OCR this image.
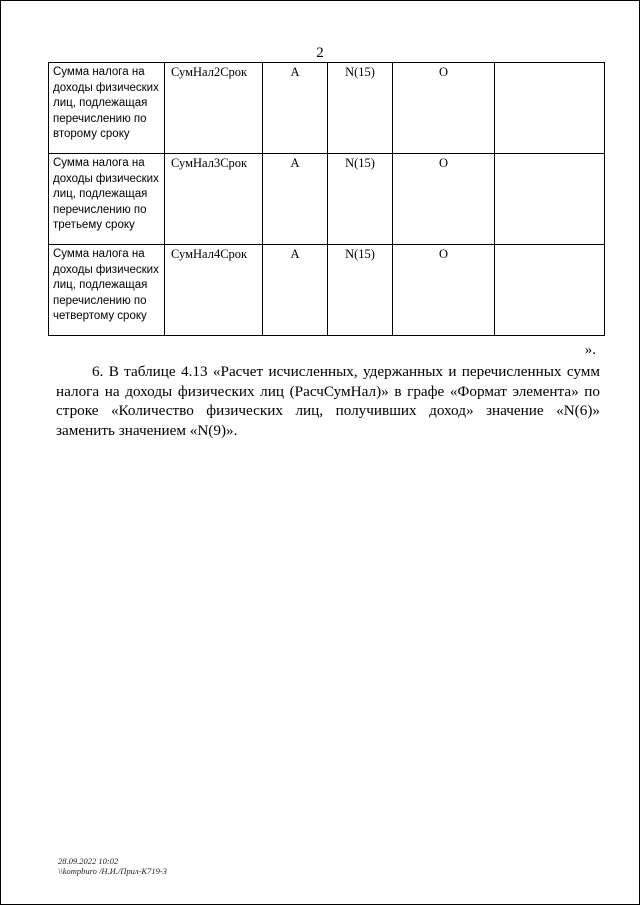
2
Сумма налога на доходы физических лиц, подлежащая перечислению по второму сроку	СумНал2Срок	А	N(15)	О	
Сумма налога на доходы физических лиц, подлежащая перечислению по третьему сроку	СумНал3Срок	А	N(15)	О	
Сумма налога на доходы физических лиц, подлежащая перечислению по четвертому сроку	СумНал4Срок	А	N(15)	О	
».

6. В таблице 4.13 «Расчет исчисленных, удержанных и перечисленных сумм налога на доходы физических лиц (РасчСумНал)» в графе «Формат элемента» по строке «Количество физических лиц, получивших доход» значение «N(6)» заменить значением «N(9)».

28.09.2022 10:02
\\kompburo /Н.И./Прил-К719-3
